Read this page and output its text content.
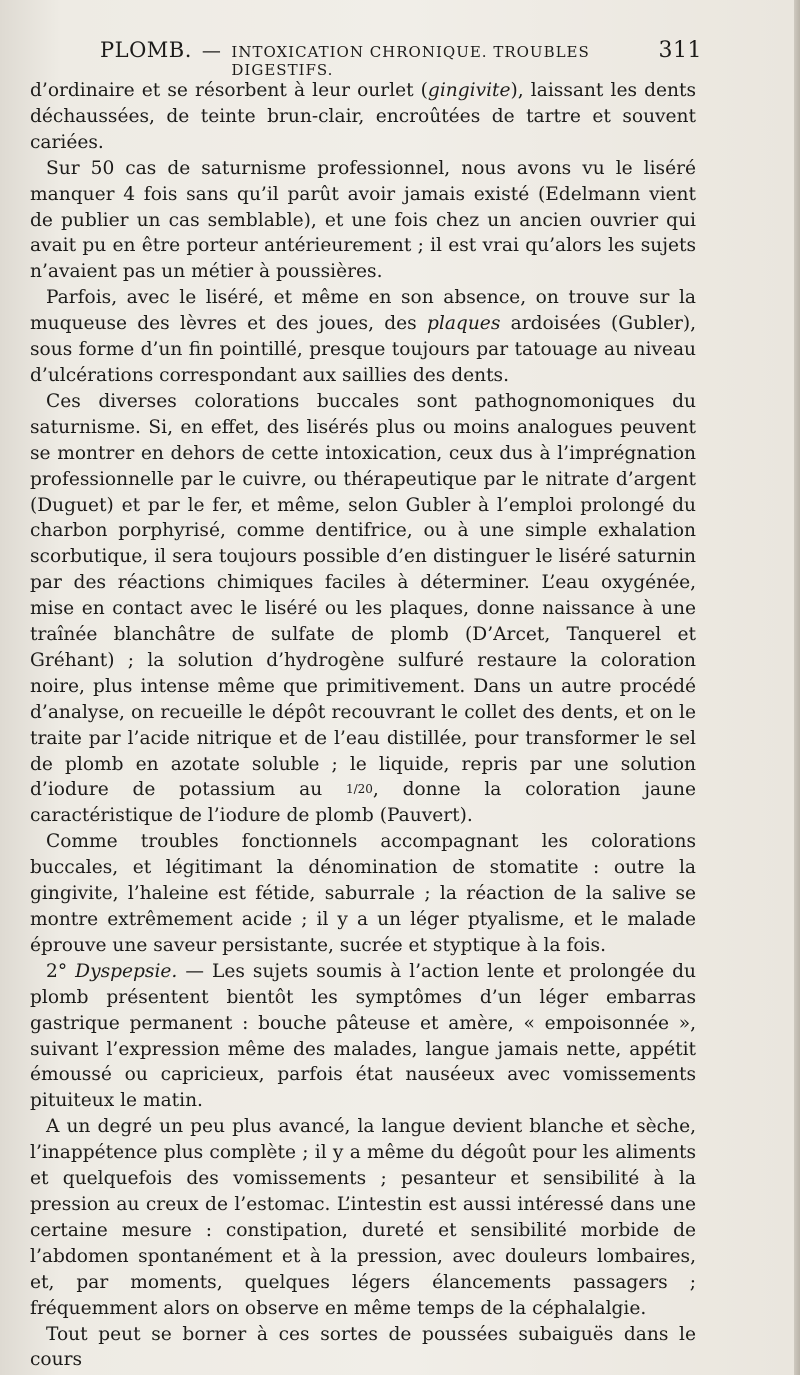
PLOMB. — INTOXICATION CHRONIQUE. TROUBLES DIGESTIFS.
311

d’ordinaire et se résorbent à leur ourlet (gingivite), laissant les dents déchaussées, de teinte brun-clair, encroûtées de tartre et souvent cariées.

Sur 50 cas de saturnisme professionnel, nous avons vu le liséré manquer 4 fois sans qu’il parût avoir jamais existé (Edelmann vient de publier un cas semblable), et une fois chez un ancien ouvrier qui avait pu en être porteur antérieurement ; il est vrai qu’alors les sujets n’avaient pas un métier à poussières.

Parfois, avec le liséré, et même en son absence, on trouve sur la muqueuse des lèvres et des joues, des plaques ardoisées (Gubler), sous forme d’un fin pointillé, presque toujours par tatouage au niveau d’ulcérations correspondant aux saillies des dents.

Ces diverses colorations buccales sont pathognomoniques du saturnisme. Si, en effet, des lisérés plus ou moins analogues peuvent se montrer en dehors de cette intoxication, ceux dus à l’imprégnation professionnelle par le cuivre, ou thérapeutique par le nitrate d’argent (Duguet) et par le fer, et même, selon Gubler à l’emploi prolongé du charbon porphyrisé, comme dentifrice, ou à une simple exhalation scorbutique, il sera toujours possible d’en distinguer le liséré saturnin par des réactions chimiques faciles à déterminer. L’eau oxygénée, mise en contact avec le liséré ou les plaques, donne naissance à une traînée blanchâtre de sulfate de plomb (D’Arcet, Tanquerel et Gréhant) ; la solution d’hydrogène sulfuré restaure la coloration noire, plus intense même que primitivement. Dans un autre procédé d’analyse, on recueille le dépôt recouvrant le collet des dents, et on le traite par l’acide nitrique et de l’eau distillée, pour transformer le sel de plomb en azotate soluble ; le liquide, repris par une solution d’iodure de potassium au 1/20, donne la coloration jaune caractéristique de l’iodure de plomb (Pauvert).

Comme troubles fonctionnels accompagnant les colorations buccales, et légitimant la dénomination de stomatite : outre la gingivite, l’haleine est fétide, saburrale ; la réaction de la salive se montre extrêmement acide ; il y a un léger ptyalisme, et le malade éprouve une saveur persistante, sucrée et styptique à la fois.

2° Dyspepsie. — Les sujets soumis à l’action lente et prolongée du plomb présentent bientôt les symptômes d’un léger embarras gastrique permanent : bouche pâteuse et amère, « empoisonnée », suivant l’expression même des malades, langue jamais nette, appétit émoussé ou capricieux, parfois état nauséeux avec vomissements pituiteux le matin.

A un degré un peu plus avancé, la langue devient blanche et sèche, l’inappétence plus complète ; il y a même du dégoût pour les aliments et quelquefois des vomissements ; pesanteur et sensibilité à la pression au creux de l’estomac. L’intestin est aussi intéressé dans une certaine mesure : constipation, dureté et sensibilité morbide de l’abdomen spontanément et à la pression, avec douleurs lombaires, et, par moments, quelques légers élancements passagers ; fréquemment alors on observe en même temps de la céphalalgie.

Tout peut se borner à ces sortes de poussées subaiguës dans le cours
